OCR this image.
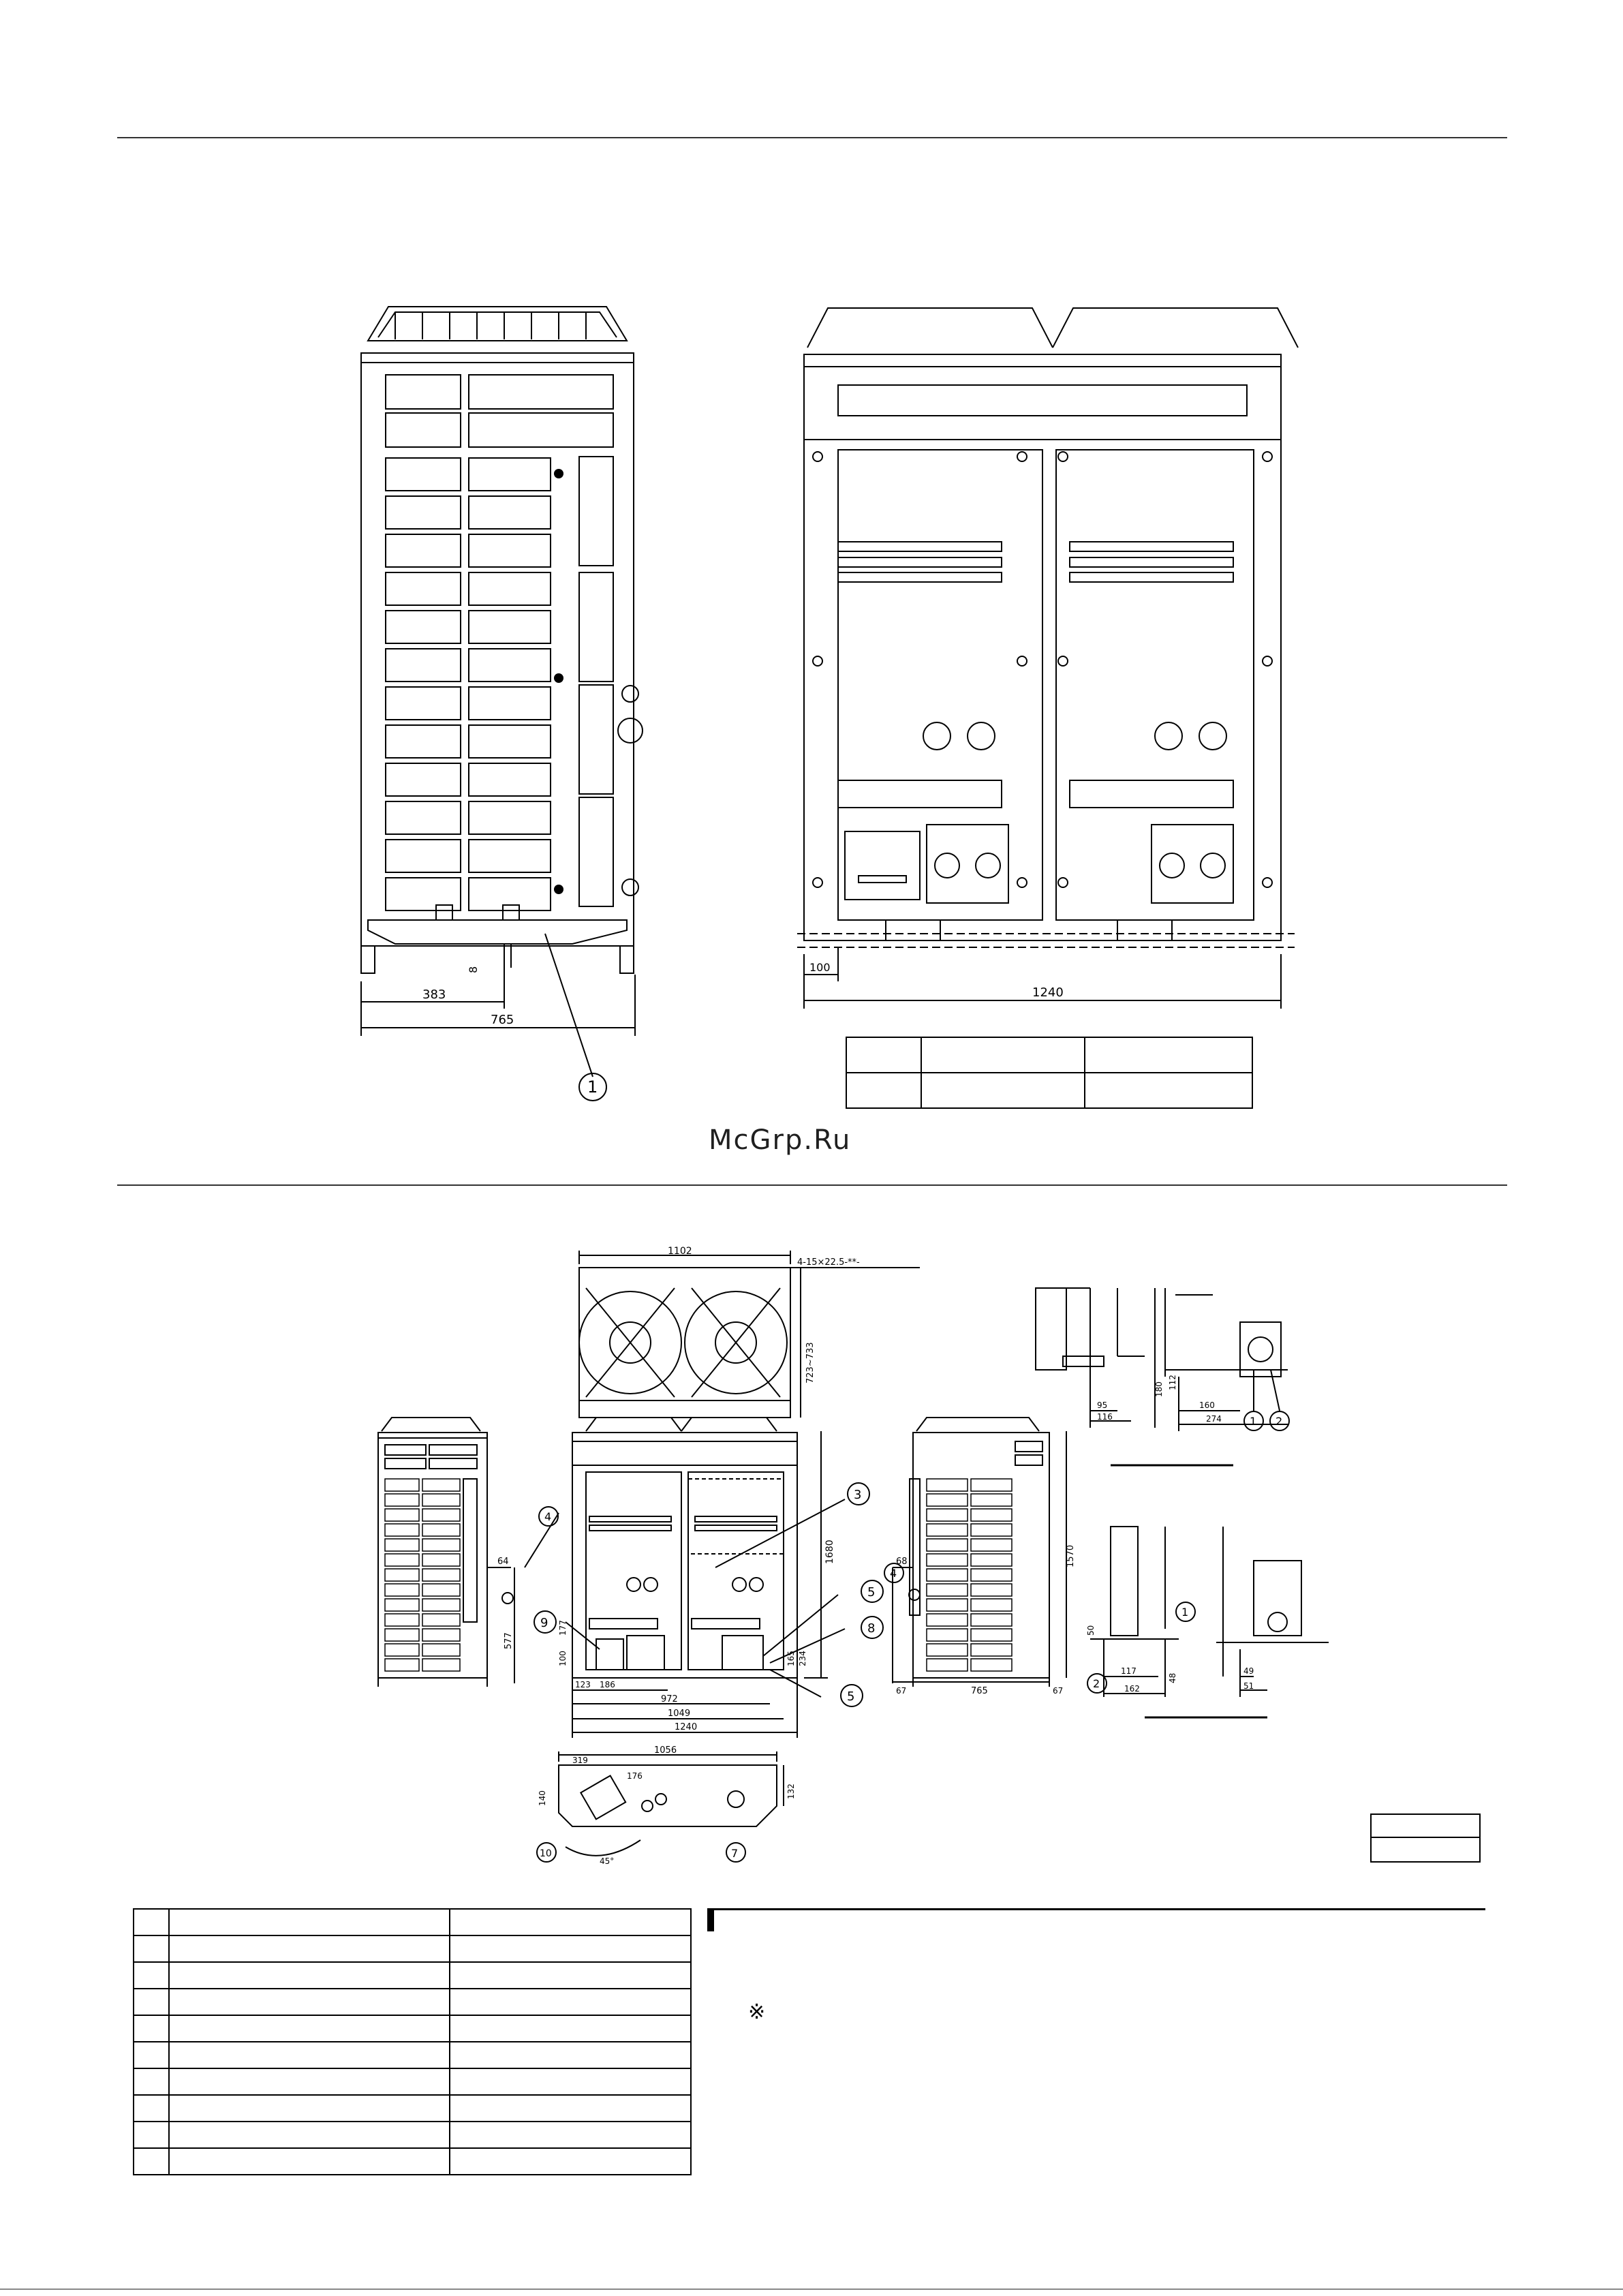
383
765
8
1
100
1240
McGrp.Ru
1102
4-15×22.5-**-
723~733
64
577
4
1680
123 186
100
177
165 234
972
1049
1240
3
5
8
5
9
68	1570
67	765	67
4
1056
319
176
140	132
45°
10	7
180 112
95
116
160
274	1 2
50
117
162
48
49
51
1
2

※
